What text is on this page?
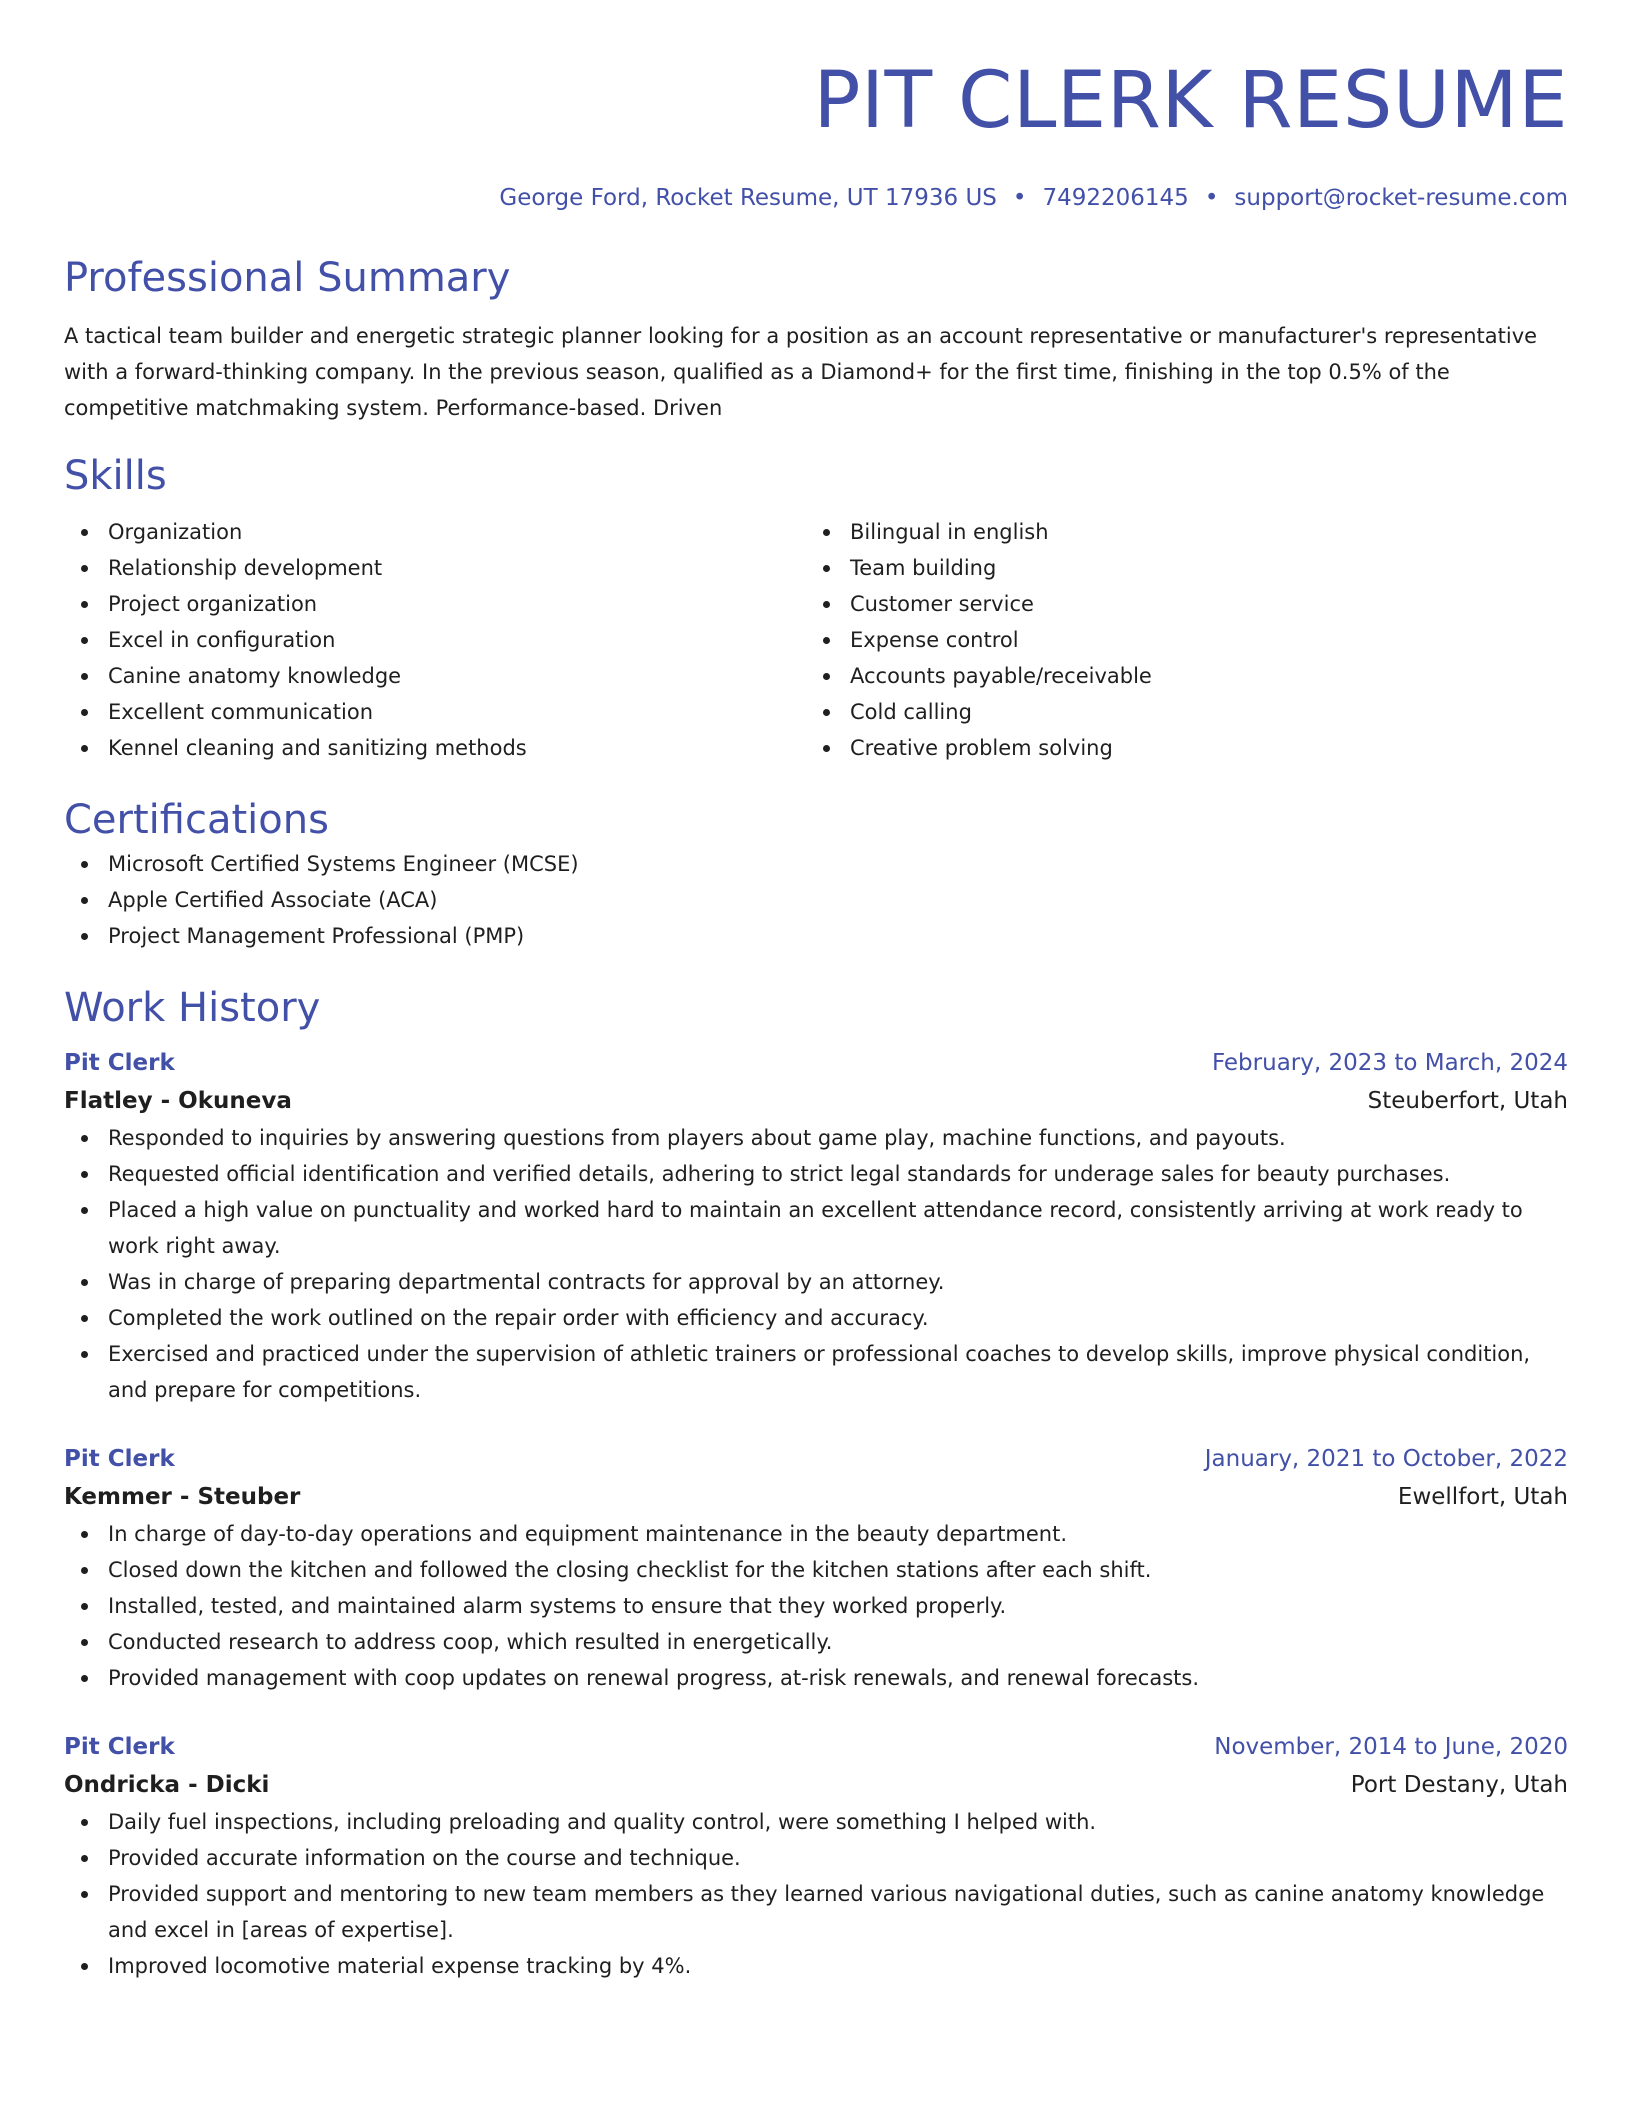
PIT CLERK RESUME
George Ford, Rocket Resume, UT 17936 US • 7492206145 • support@rocket-resume.com
Professional Summary
A tactical team builder and energetic strategic planner looking for a position as an account representative or manufacturer's representative with a forward-thinking company. In the previous season, qualified as a Diamond+ for the first time, finishing in the top 0.5% of the competitive matchmaking system. Performance-based. Driven
Skills
Organization
Relationship development
Project organization
Excel in configuration
Canine anatomy knowledge
Excellent communication
Kennel cleaning and sanitizing methods
Bilingual in english
Team building
Customer service
Expense control
Accounts payable/receivable
Cold calling
Creative problem solving
Certifications
Microsoft Certified Systems Engineer (MCSE)
Apple Certified Associate (ACA)
Project Management Professional (PMP)
Work History
Pit Clerk	February, 2023 to March, 2024
Flatley - Okuneva	Steuberfort, Utah
Responded to inquiries by answering questions from players about game play, machine functions, and payouts.
Requested official identification and verified details, adhering to strict legal standards for underage sales for beauty purchases.
Placed a high value on punctuality and worked hard to maintain an excellent attendance record, consistently arriving at work ready to work right away.
Was in charge of preparing departmental contracts for approval by an attorney.
Completed the work outlined on the repair order with efficiency and accuracy.
Exercised and practiced under the supervision of athletic trainers or professional coaches to develop skills, improve physical condition, and prepare for competitions.
Pit Clerk	January, 2021 to October, 2022
Kemmer - Steuber	Ewellfort, Utah
In charge of day-to-day operations and equipment maintenance in the beauty department.
Closed down the kitchen and followed the closing checklist for the kitchen stations after each shift.
Installed, tested, and maintained alarm systems to ensure that they worked properly.
Conducted research to address coop, which resulted in energetically.
Provided management with coop updates on renewal progress, at-risk renewals, and renewal forecasts.
Pit Clerk	November, 2014 to June, 2020
Ondricka - Dicki	Port Destany, Utah
Daily fuel inspections, including preloading and quality control, were something I helped with.
Provided accurate information on the course and technique.
Provided support and mentoring to new team members as they learned various navigational duties, such as canine anatomy knowledge and excel in [areas of expertise].
Improved locomotive material expense tracking by 4%.
